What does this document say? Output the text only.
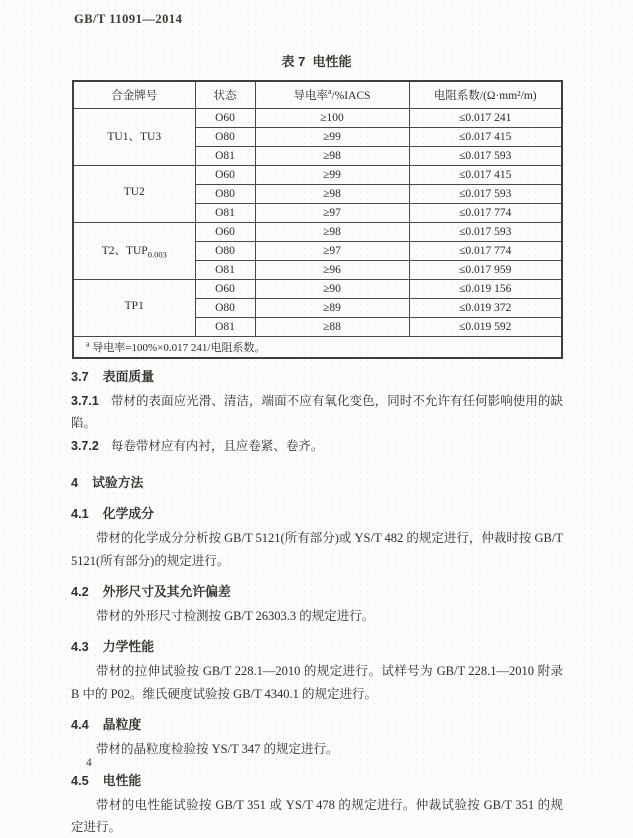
GB/T 11091—2014
表 7 电性能
合金牌号	状态	导电率$^a$/%IACS	电阻系数/(Ω·mm²/m)
TU1、TU3	O60	≥100	≤0.017 241
	O80	≥99	≤0.017 415
	O81	≥98	≤0.017 593
TU2	O60	≥99	≤0.017 415
	O80	≥98	≤0.017 593
	O81	≥97	≤0.017 774
T2、$TUP_{0.003}$	O60	≥98	≤0.017 593
	O80	≥97	≤0.017 774
	O81	≥96	≤0.017 959
TP1	O60	≥90	≤0.019 156
	O80	≥89	≤0.019 372
	O81	≥88	≤0.019 592
$^a$ 导电率=100%×0.017 241/电阻系数。			
3.7 表面质量

3.7.1 带材的表面应光滑、清洁，端面不应有氧化变色，同时不允许有任何影响使用的缺陷。

3.7.2 每卷带材应有内衬，且应卷紧、卷齐。

4 试验方法
4.1 化学成分

带材的化学成分分析按 GB/T 5121(所有部分)或 YS/T 482 的规定进行，仲裁时按 GB/T 5121(所有部分)的规定进行。

4.2 外形尺寸及其允许偏差

带材的外形尺寸检测按 GB/T 26303.3 的规定进行。

4.3 力学性能

带材的拉伸试验按 GB/T 228.1—2010 的规定进行。试样号为 GB/T 228.1—2010 附录 B 中的 P02。维氏硬度试验按 GB/T 4340.1 的规定进行。

4.4 晶粒度

带材的晶粒度检验按 YS/T 347 的规定进行。

4.5 电性能

带材的电性能试验按 GB/T 351 或 YS/T 478 的规定进行。仲裁试验按 GB/T 351 的规定进行。

4
